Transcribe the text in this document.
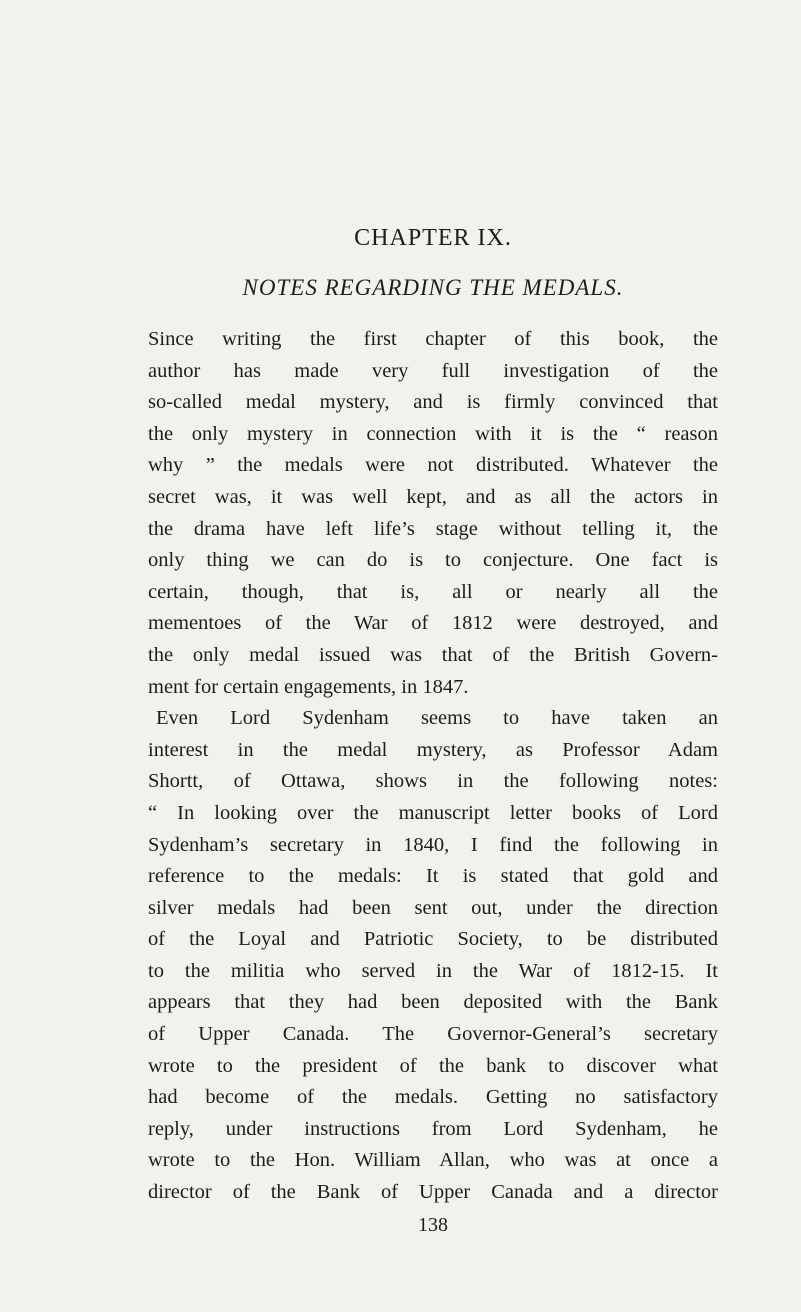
CHAPTER IX.
NOTES REGARDING THE MEDALS.
Since writing the first chapter of this book, the
author has made very full investigation of the
so-called medal mystery, and is firmly convinced that
the only mystery in connection with it is the “ reason
why ” the medals were not distributed. Whatever the
secret was, it was well kept, and as all the actors in
the drama have left life’s stage without telling it, the
only thing we can do is to conjecture. One fact is
certain, though, that is, all or nearly all the
mementoes of the War of 1812 were destroyed, and
the only medal issued was that of the British Govern-
ment for certain engagements, in 1847.
Even Lord Sydenham seems to have taken an
interest in the medal mystery, as Professor Adam
Shortt, of Ottawa, shows in the following notes:
“ In looking over the manuscript letter books of Lord
Sydenham’s secretary in 1840, I find the following in
reference to the medals: It is stated that gold and
silver medals had been sent out, under the direction
of the Loyal and Patriotic Society, to be distributed
to the militia who served in the War of 1812-15. It
appears that they had been deposited with the Bank
of Upper Canada. The Governor-General’s secretary
wrote to the president of the bank to discover what
had become of the medals. Getting no satisfactory
reply, under instructions from Lord Sydenham, he
wrote to the Hon. William Allan, who was at once a
director of the Bank of Upper Canada and a director
138
